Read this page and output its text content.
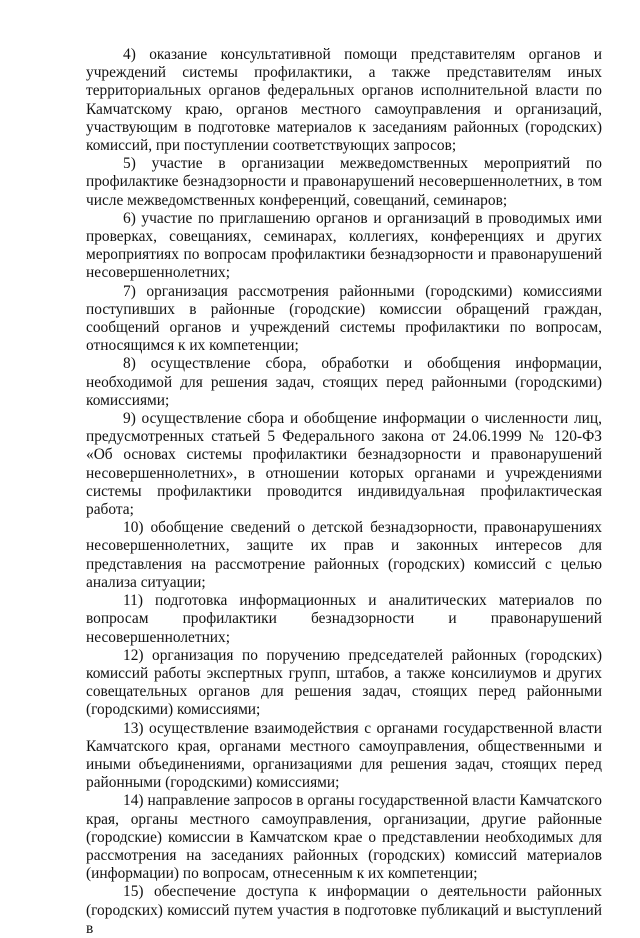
4) оказание консультативной помощи представителям органов и учреждений системы профилактики, а также представителям иных территориальных органов федеральных органов исполнительной власти по Камчатскому краю, органов местного самоуправления и организаций, участвующим в подготовке материалов к заседаниям районных (городских) комиссий, при поступлении соответствующих запросов;

5) участие в организации межведомственных мероприятий по профилактике безнадзорности и правонарушений несовершеннолетних, в том числе межведомственных конференций, совещаний, семинаров;

6) участие по приглашению органов и организаций в проводимых ими проверках, совещаниях, семинарах, коллегиях, конференциях и других мероприятиях по вопросам профилактики безнадзорности и правонарушений несовершеннолетних;

7) организация рассмотрения районными (городскими) комиссиями поступивших в районные (городские) комиссии обращений граждан, сообщений органов и учреждений системы профилактики по вопросам, относящимся к их компетенции;

8) осуществление сбора, обработки и обобщения информации, необходимой для решения задач, стоящих перед районными (городскими) комиссиями;

9) осуществление сбора и обобщение информации о численности лиц, предусмотренных статьей 5 Федерального закона от 24.06.1999 № 120-ФЗ «Об основах системы профилактики безнадзорности и правонарушений несовершеннолетних», в отношении которых органами и учреждениями системы профилактики проводится индивидуальная профилактическая работа;

10) обобщение сведений о детской безнадзорности, правонарушениях несовершеннолетних, защите их прав и законных интересов для представления на рассмотрение районных (городских) комиссий с целью анализа ситуации;

11) подготовка информационных и аналитических материалов по вопросам профилактики безнадзорности и правонарушений несовершеннолетних;

12) организация по поручению председателей районных (городских) комиссий работы экспертных групп, штабов, а также консилиумов и других совещательных органов для решения задач, стоящих перед районными (городскими) комиссиями;

13) осуществление взаимодействия с органами государственной власти Камчатского края, органами местного самоуправления, общественными и иными объединениями, организациями для решения задач, стоящих перед районными (городскими) комиссиями;

14) направление запросов в органы государственной власти Камчатского края, органы местного самоуправления, организации, другие районные (городские) комиссии в Камчатском крае о представлении необходимых для рассмотрения на заседаниях районных (городских) комиссий материалов (информации) по вопросам, отнесенным к их компетенции;

15) обеспечение доступа к информации о деятельности районных (городских) комиссий путем участия в подготовке публикаций и выступлений в
